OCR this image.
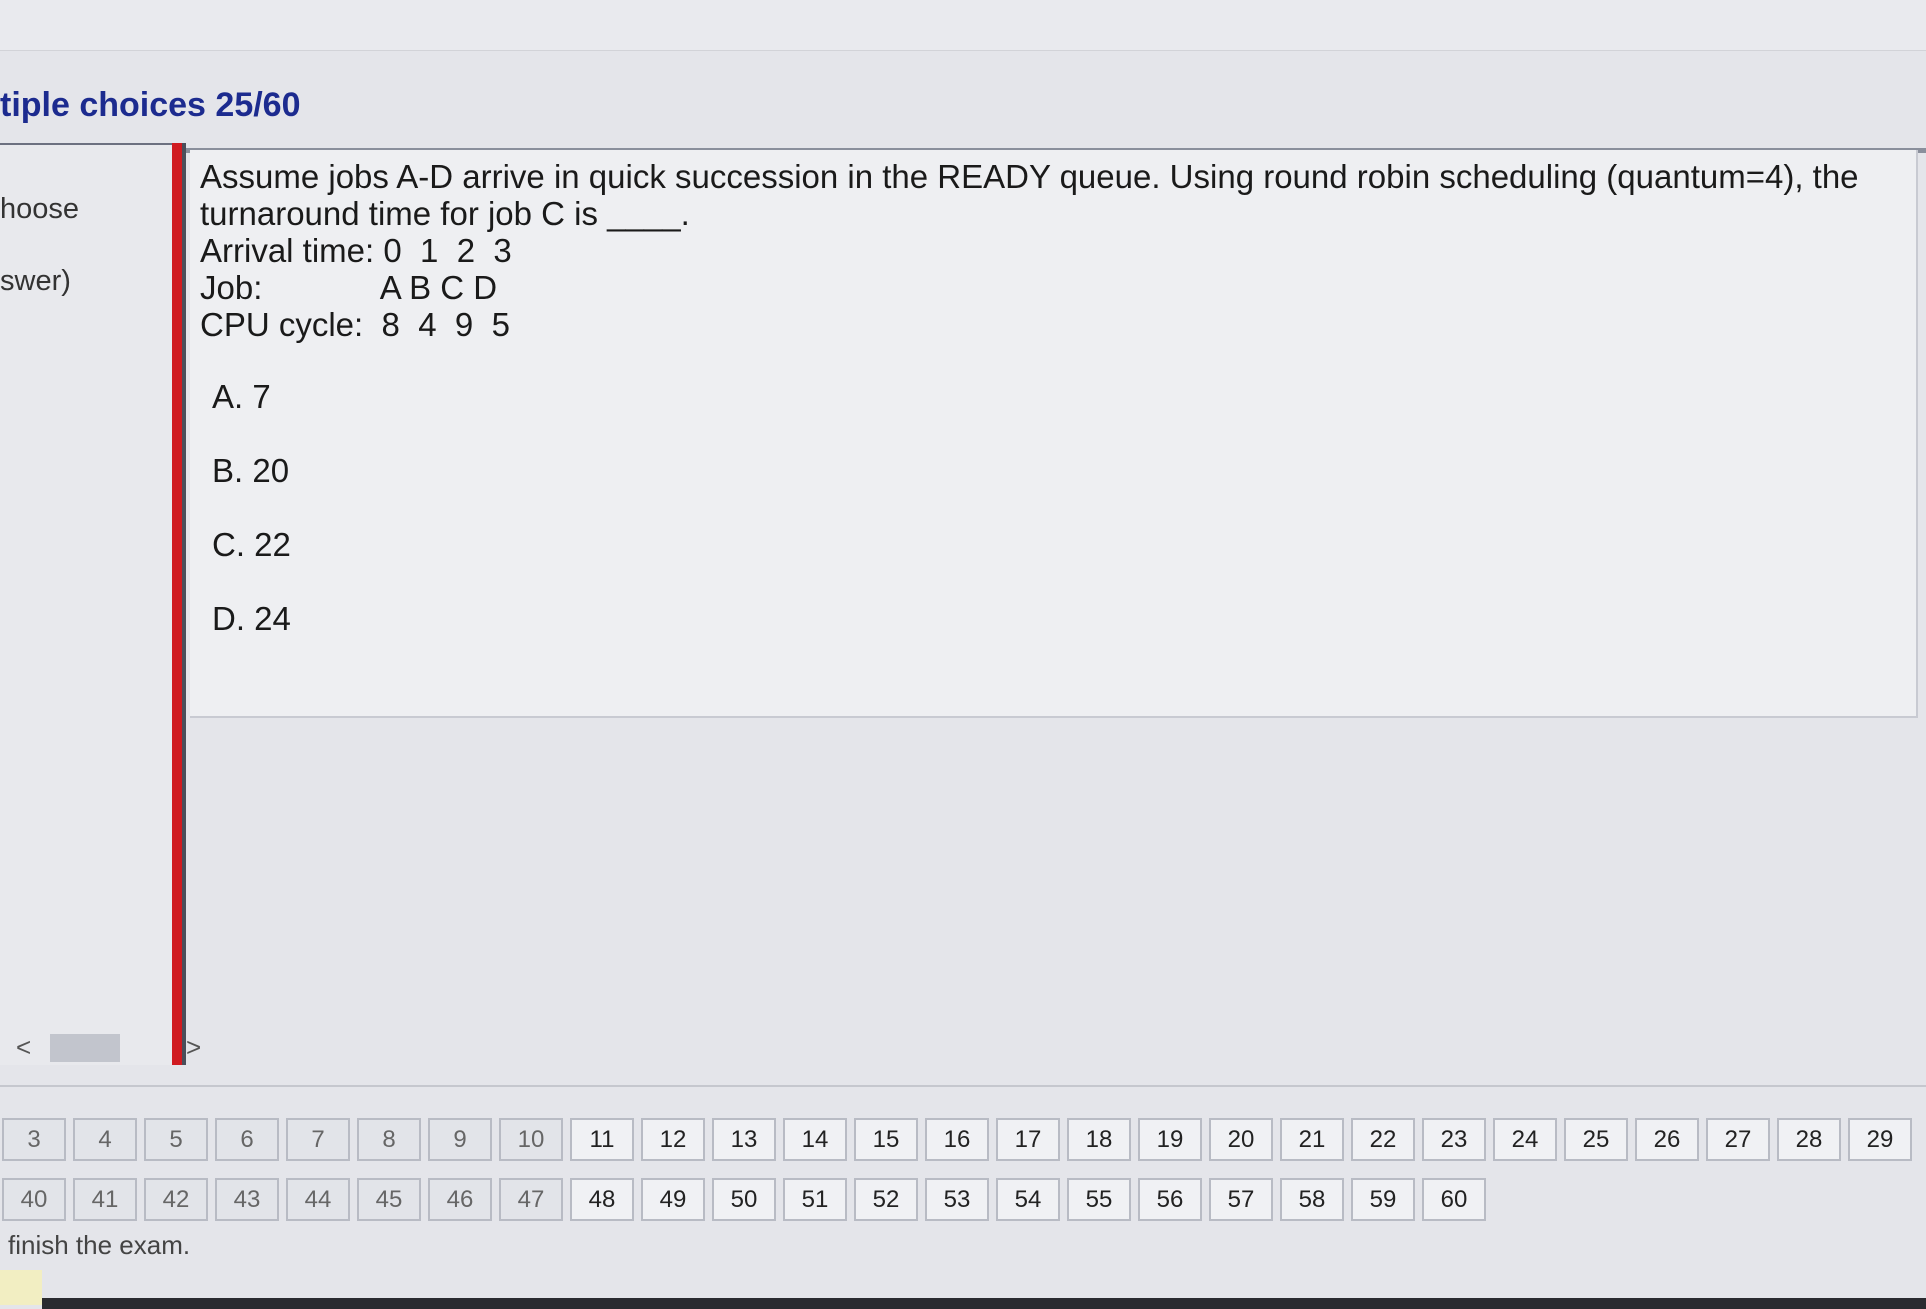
tiple choices 25/60
hoose
swer)
<	>
Assume jobs A-D arrive in quick succession in the READY queue. Using round robin scheduling (quantum=4), the turnaround time for job C is ____.
Arrival time: 0  1  2  3
Job:             A B C D
CPU cycle:  8  4  9  5
A. 7
B. 20
C. 22
D. 24
3	4	5	6	7	8	9	10	11	12	13	14	15	16	17	18	19	20	21	22	23	24	25	26	27	28	29
40	41	42	43	44	45	46	47	48	49	50	51	52	53	54	55	56	57	58	59	60
finish the exam.
